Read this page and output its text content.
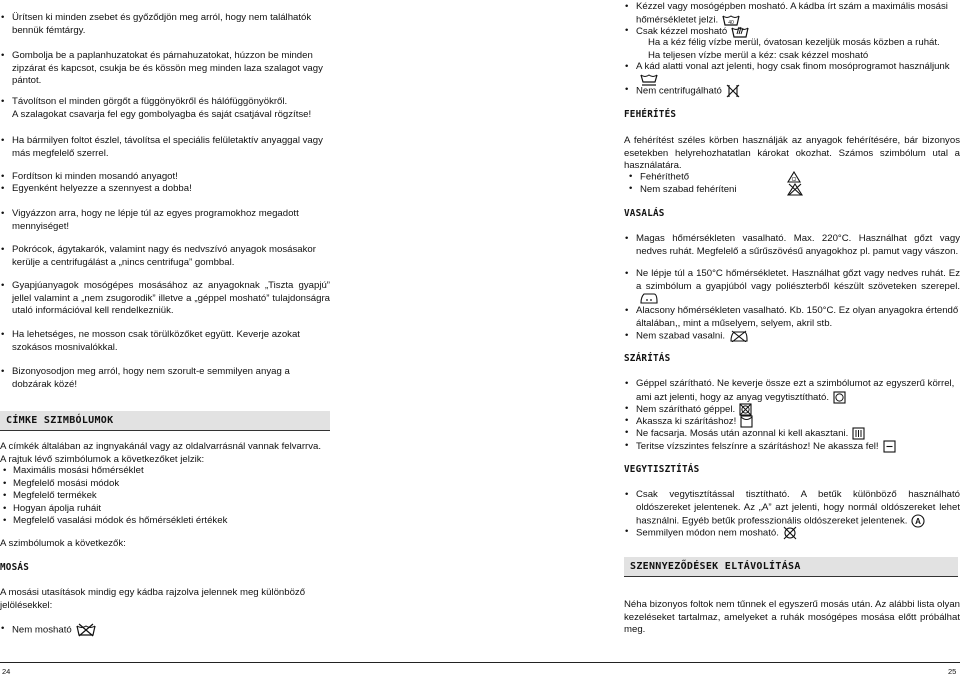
• Ürítsen ki minden zsebet és győződjön meg arról, hogy nem találhatók bennük fémtárgy.
• Gombolja be a paplanhuzatokat és párnahuzatokat, húzzon be minden zipzárat és kapcsot, csukja be és kössön meg minden laza szalagot vagy pántot.
• Távolítson el minden görgőt a függönyökről és hálófüggönyökről.
A szalagokat csavarja fel egy gombolyagba és saját csatjával rögzítse!
• Ha bármilyen foltot észlel, távolítsa el speciális felületaktív anyaggal vagy más megfelelő szerrel.
• Fordítson ki minden mosandó anyagot!
• Egyenként helyezze a szennyest a dobba!
• Vigyázzon arra, hogy ne lépje túl az egyes programokhoz megadott mennyiséget!
• Pokrócok, ágytakarók, valamint nagy és nedvszívó anyagok mosásakor kerülje a centrifugálást a „nincs centrifuga” gombbal.
• Gyapjúanyagok mosógépes mosásához az anyagoknak „Tiszta gyapjú” jellel valamint a „nem zsugorodik” illetve a „géppel mosható” tulajdonságra utaló információval kell rendelkezniük.
• Ha lehetséges, ne mosson csak törülközőket együtt. Keverje azokat szokásos mosnivalókkal.
• Bizonyosodjon meg arról, hogy nem szorult-e semmilyen anyag a dobzárak közé!
CÍMKE SZIMBÓLUMOK
A címkék általában az ingnyakánál vagy az oldalvarrásnál vannak felvarrva.
A rajtuk lévő szimbólumok a következőket jelzik:
• Maximális mosási hőmérséklet
• Megfelelő mosási módok
• Megfelelő termékek
• Hogyan ápolja ruháit
• Megfelelő vasalási módok és hőmérsékleti értékek
A szimbólumok a következők:
MOSÁS
A mosási utasítások mindig egy kádba rajzolva jelennek meg különböző jelölésekkel:
• Nem mosható
24
• Kézzel vagy mosógépben mosható. A kádba írt szám a maximális mosási hőmérsékletet jelzi. 40
• Csak kézzel mosható
Ha a kéz félig vízbe merül, óvatosan kezeljük mosás közben a ruhát.
Ha teljesen vízbe merül a kéz: csak kézzel mosható
• A kád alatti vonal azt jelenti, hogy csak finom mosóprogramot használjunk
• Nem centrifugálható
FEHÉRÍTÉS
A fehérítést széles körben használják az anyagok fehérítésére, bár bizonyos esetekben helyrehozhatatlan károkat okozhat. Számos szimbólum utal a használatára.
• Fehéríthető	Cl
• Nem szabad fehéríteni
VASALÁS
• Magas hőmérsékleten vasalható. Max. 220°C. Használhat gőzt vagy nedves ruhát. Megfelelő a sűrűszövésű anyagokhoz pl. pamut vagy vászon.
• Ne lépje túl a 150°C hőmérsékletet. Használhat gőzt vagy nedves ruhát. Ez a szimbólum a gyapjúból vagy poliészterből készült szöveteken szerepel.
• Alacsony hőmérsékleten vasalható. Kb. 150°C. Ez olyan anyagokra értendő általában,, mint a műselyem, selyem, akril stb.
• Nem szabad vasalni.
SZÁRÍTÁS
• Géppel szárítható. Ne keverje össze ezt a szimbólumot az egyszerű körrel, ami azt jelenti, hogy az anyag vegytisztítható.
• Nem szárítható géppel.
• Akassza ki szárításhoz!
• Ne facsarja. Mosás után azonnal ki kell akasztani.
• Teritse vízszintes felszínre a szárításhoz! Ne akassza fel!
VEGYTISZTÍTÁS
• Csak vegytisztítással tisztítható. A betűk különböző használható oldószereket jelentenek. Az „A” azt jelenti, hogy normál oldószereket lehet használni. Egyéb betűk professzionális oldószereket jelentenek. A
• Semmilyen módon nem mosható.
SZENNYEZŐDÉSEK ELTÁVOLÍTÁSA
Néha bizonyos foltok nem tűnnek el egyszerű mosás után. Az alábbi lista olyan kezeléseket tartalmaz, amelyeket a ruhák mosógépes mosása előtt próbálhat meg.
25
